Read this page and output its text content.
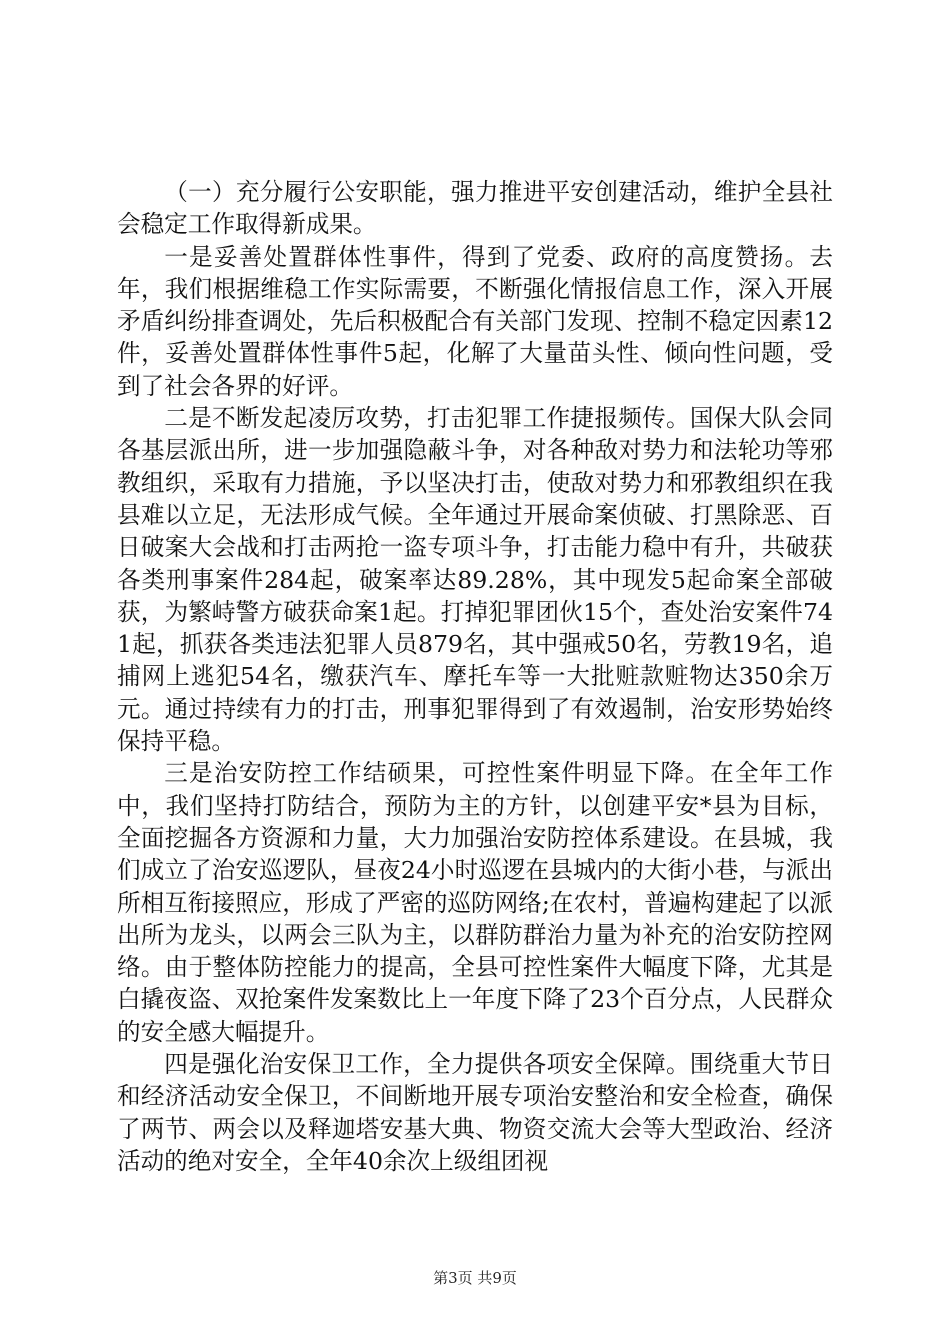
（一）充分履行公安职能，强力推进平安创建活动，维护全县社会稳定工作取得新成果。

一是妥善处置群体性事件，得到了党委、政府的高度赞扬。去年，我们根据维稳工作实际需要，不断强化情报信息工作，深入开展矛盾纠纷排查调处，先后积极配合有关部门发现、控制不稳定因素12件，妥善处置群体性事件5起，化解了大量苗头性、倾向性问题，受到了社会各界的好评。

二是不断发起凌厉攻势，打击犯罪工作捷报频传。国保大队会同各基层派出所，进一步加强隐蔽斗争，对各种敌对势力和法轮功等邪教组织，采取有力措施，予以坚决打击，使敌对势力和邪教组织在我县难以立足，无法形成气候。全年通过开展命案侦破、打黑除恶、百日破案大会战和打击两抢一盗专项斗争，打击能力稳中有升，共破获各类刑事案件284起，破案率达89.28%，其中现发5起命案全部破获，为繁峙警方破获命案1起。打掉犯罪团伙15个，查处治安案件741起，抓获各类违法犯罪人员879名，其中强戒50名，劳教19名，追捕网上逃犯54名，缴获汽车、摩托车等一大批赃款赃物达350余万元。通过持续有力的打击，刑事犯罪得到了有效遏制，治安形势始终保持平稳。

三是治安防控工作结硕果，可控性案件明显下降。在全年工作中，我们坚持打防结合，预防为主的方针，以创建平安*县为目标，全面挖掘各方资源和力量，大力加强治安防控体系建设。在县城，我们成立了治安巡逻队，昼夜24小时巡逻在县城内的大街小巷，与派出所相互衔接照应，形成了严密的巡防网络;在农村，普遍构建起了以派出所为龙头，以两会三队为主，以群防群治力量为补充的治安防控网络。由于整体防控能力的提高，全县可控性案件大幅度下降，尤其是白撬夜盗、双抢案件发案数比上一年度下降了23个百分点，人民群众的安全感大幅提升。

四是强化治安保卫工作，全力提供各项安全保障。围绕重大节日和经济活动安全保卫，不间断地开展专项治安整治和安全检查，确保了两节、两会以及释迦塔安基大典、物资交流大会等大型政治、经济活动的绝对安全，全年40余次上级组团视

第3页 共9页
